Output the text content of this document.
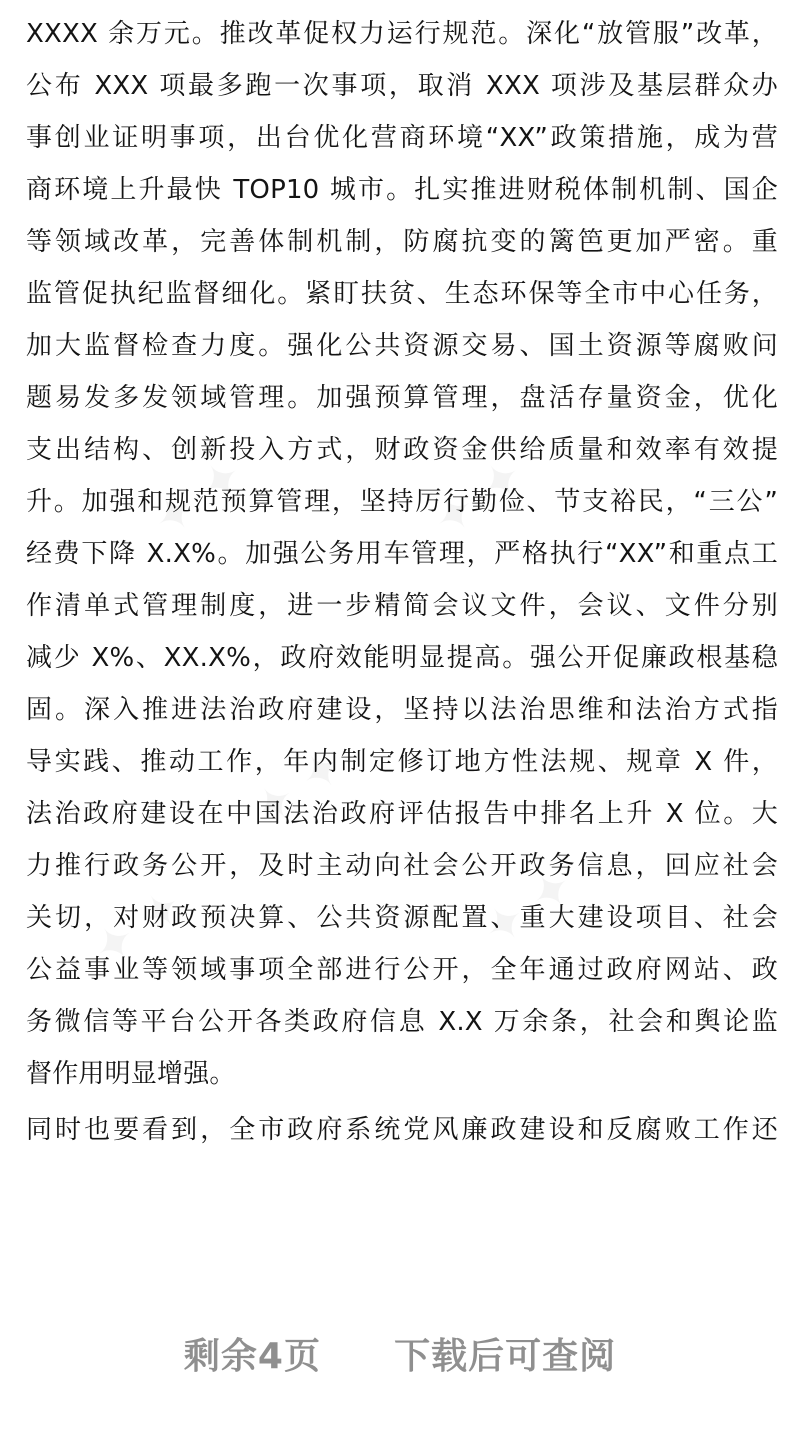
✦ ✦	✦ ✦
✦ ✦
✦ ✦	✦ ✦
XXXX 余万元。推改革促权力运行规范。深化“放管服”改革，
公布 XXX 项最多跑一次事项，取消 XXX 项涉及基层群众办
事创业证明事项，出台优化营商环境“XX”政策措施，成为营
商环境上升最快 TOP10 城市。扎实推进财税体制机制、国企
等领域改革，完善体制机制，防腐抗变的篱笆更加严密。重
监管促执纪监督细化。紧盯扶贫、生态环保等全市中心任务，
加大监督检查力度。强化公共资源交易、国土资源等腐败问
题易发多发领域管理。加强预算管理，盘活存量资金，优化
支出结构、创新投入方式，财政资金供给质量和效率有效提
升。加强和规范预算管理，坚持厉行勤俭、节支裕民，“三公”
经费下降 X.X%。加强公务用车管理，严格执行“XX”和重点工
作清单式管理制度，进一步精简会议文件，会议、文件分别
减少 X%、XX.X%，政府效能明显提高。强公开促廉政根基稳
固。深入推进法治政府建设，坚持以法治思维和法治方式指
导实践、推动工作，年内制定修订地方性法规、规章 X 件，
法治政府建设在中国法治政府评估报告中排名上升 X 位。大
力推行政务公开，及时主动向社会公开政务信息，回应社会
关切，对财政预决算、公共资源配置、重大建设项目、社会
公益事业等领域事项全部进行公开，全年通过政府网站、政
务微信等平台公开各类政府信息 X.X 万余条，社会和舆论监
督作用明显增强。
同时也要看到，全市政府系统党风廉政建设和反腐败工作还
剩余4页 下载后可查阅
